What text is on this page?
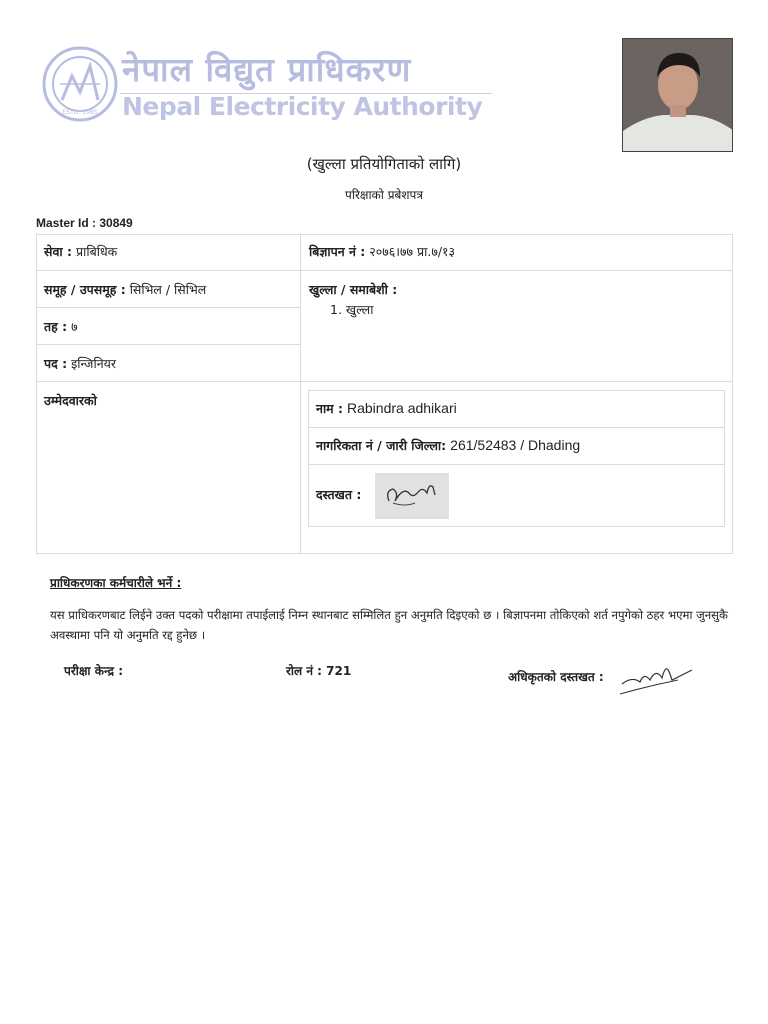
ESTD. 1985
नेपाल विद्युत प्राधिकरण
Nepal Electricity Authority
(खुल्ला प्रतियोगिताको लागि)
परिक्षाको प्रबेशपत्र
Master Id : 30849
सेवा : प्राबिधिक	बिज्ञापन नं : २०७६।७७ प्रा.७/१३
समूह / उपसमूह : सिभिल / सिभिल	खुल्ला / समाबेशी :
1. खुल्ला
तह : ७
पद : इन्जिनियर
उम्मेदवारको
नाम : Rabindra adhikari
नागरिकता नं / जारी जिल्ला: 261/52483 / Dhading
दस्तखत :
प्राधिकरणका कर्मचारीले भर्ने :
यस प्राधिकरणबाट लिईने उक्त पदको परीक्षामा तपाईलाई निम्न स्थानबाट सम्मिलित हुन अनुमति दिइएको छ । बिज्ञापनमा तोकिएको शर्त नपुगेको ठहर भएमा जुनसुकै अवस्थामा पनि यो अनुमति रद्द हुनेछ ।
परीक्षा केन्द्र :	रोल नं : 721	अधिकृतको दस्तखत :
